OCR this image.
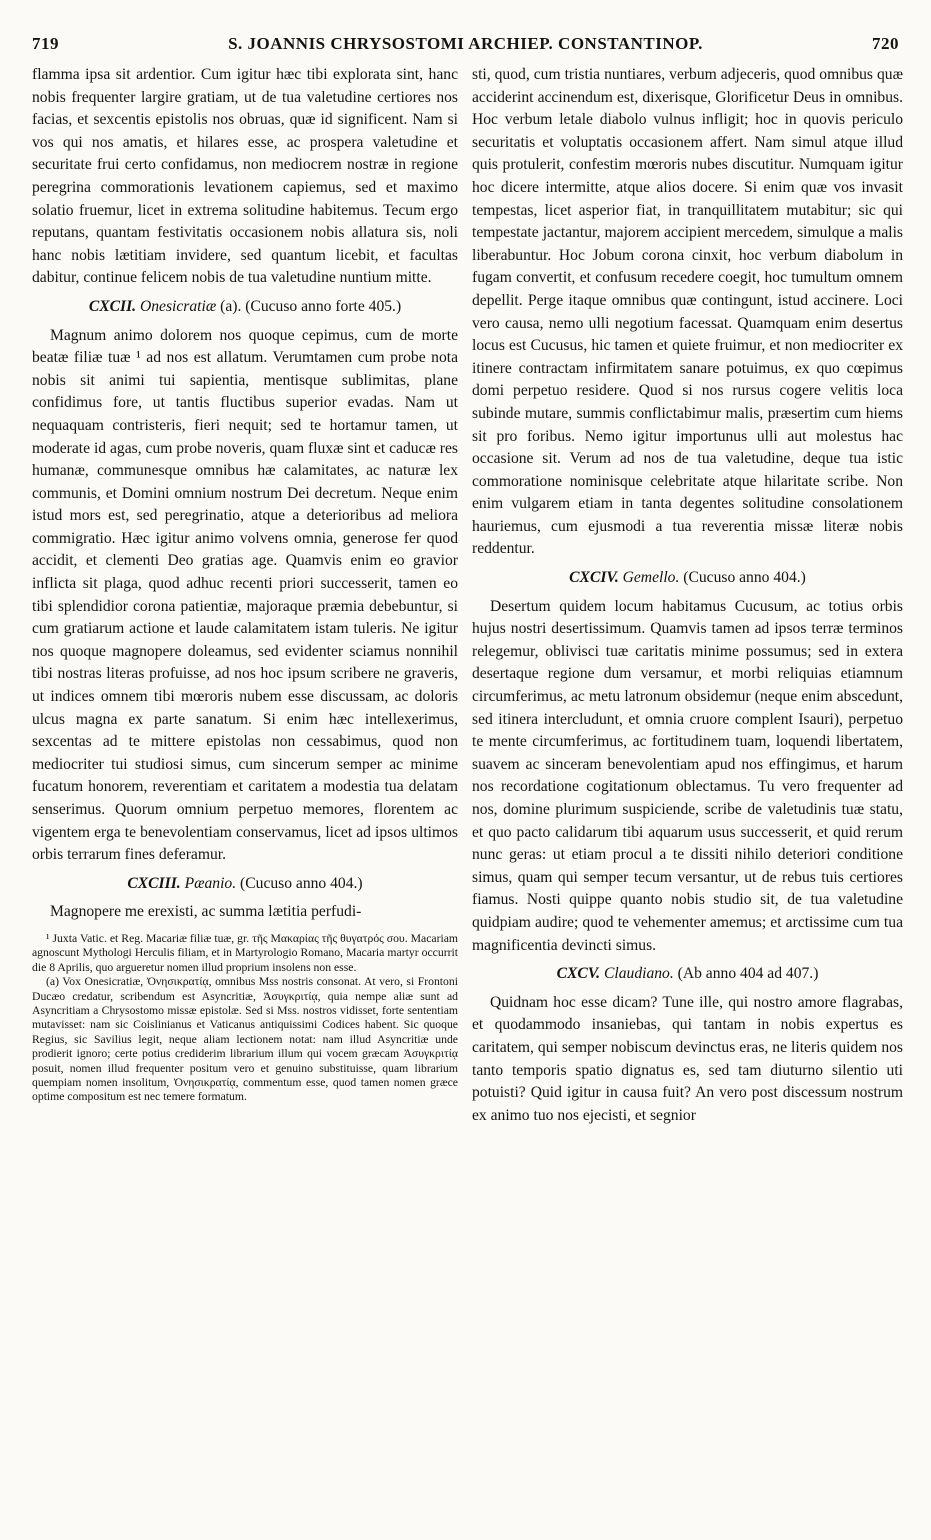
719	S. JOANNIS CHRYSOSTOMI ARCHIEP. CONSTANTINOP.	720

flamma ipsa sit ardentior. Cum igitur hæc tibi explorata sint, hanc nobis frequenter largire gratiam, ut de tua valetudine certiores nos facias, et sexcentis epistolis nos obruas, quæ id significent. Nam si vos qui nos amatis, et hilares esse, ac prospera valetudine et securitate frui certo confidamus, non mediocrem nostræ in regione peregrina commorationis levationem capiemus, sed et maximo solatio fruemur, licet in extrema solitudine habitemus. Tecum ergo reputans, quantam festivitatis occasionem nobis allatura sis, noli hanc nobis lætitiam invidere, sed quantum licebit, et facultas dabitur, continue felicem nobis de tua valetudine nuntium mitte.

CXCII. Onesicratiæ (a). (Cucuso anno forte 405.)

Magnum animo dolorem nos quoque cepimus, cum de morte beatæ filiæ tuæ ¹ ad nos est allatum. Verumtamen cum probe nota nobis sit animi tui sapientia, mentisque sublimitas, plane confidimus fore, ut tantis fluctibus superior evadas. Nam ut nequaquam contristeris, fieri nequit; sed te hortamur tamen, ut moderate id agas, cum probe noveris, quam fluxæ sint et caducæ res humanæ, communesque omnibus hæ calamitates, ac naturæ lex communis, et Domini omnium nostrum Dei decretum. Neque enim istud mors est, sed peregrinatio, atque a deterioribus ad meliora commigratio. Hæc igitur animo volvens omnia, generose fer quod accidit, et clementi Deo gratias age. Quamvis enim eo gravior inflicta sit plaga, quod adhuc recenti priori successerit, tamen eo tibi splendidior corona patientiæ, majoraque præmia debebuntur, si cum gratiarum actione et laude calamitatem istam tuleris. Ne igitur nos quoque magnopere doleamus, sed evidenter sciamus nonnihil tibi nostras literas profuisse, ad nos hoc ipsum scribere ne graveris, ut indices omnem tibi mœroris nubem esse discussam, ac doloris ulcus magna ex parte sanatum. Si enim hæc intellexerimus, sexcentas ad te mittere epistolas non cessabimus, quod non mediocriter tui studiosi simus, cum sincerum semper ac minime fucatum honorem, reverentiam et caritatem a modestia tua delatam senserimus. Quorum omnium perpetuo memores, florentem ac vigentem erga te benevolentiam conservamus, licet ad ipsos ultimos orbis terrarum fines deferamur.

CXCIII. Pæanio. (Cucuso anno 404.)

Magnopere me erexisti, ac summa lætitia perfudi-

¹ Juxta Vatic. et Reg. Macariæ filiæ tuæ, gr. τῆς Μακαρίας τῆς θυγατρός σου. Macariam agnoscunt Mythologi Herculis filiam, et in Martyrologio Romano, Macaria martyr occurrit die 8 Aprilis, quo argueretur nomen illud proprium insolens non esse.

(a) Vox Onesicratiæ, Ὀνησικρατίᾳ, omnibus Mss nostris consonat. At vero, si Frontoni Ducæo credatur, scribendum est Asyncritiæ, Ἀσυγκριτίᾳ, quia nempe aliæ sunt ad Asyncritiam a Chrysostomo missæ epistolæ. Sed si Mss. nostros vidisset, forte sententiam mutavisset: nam sic Coislinianus et Vaticanus antiquissimi Codices habent. Sic quoque Regius, sic Savilius legit, neque aliam lectionem notat: nam illud Asyncritiæ unde prodierit ignoro; certe potius crediderim librarium illum qui vocem græcam Ἀσυγκριτίᾳ posuit, nomen illud frequenter positum vero et genuino substituisse, quam librarium quempiam nomen insolitum, Ὀνησικρατίᾳ, commentum esse, quod tamen nomen græce optime compositum est nec temere formatum.

sti, quod, cum tristia nuntiares, verbum adjeceris, quod omnibus quæ acciderint accinendum est, dixerisque, Glorificetur Deus in omnibus. Hoc verbum letale diabolo vulnus infligit; hoc in quovis periculo securitatis et voluptatis occasionem affert. Nam simul atque illud quis protulerit, confestim mœroris nubes discutitur. Numquam igitur hoc dicere intermitte, atque alios docere. Si enim quæ vos invasit tempestas, licet asperior fiat, in tranquillitatem mutabitur; sic qui tempestate jactantur, majorem accipient mercedem, simulque a malis liberabuntur. Hoc Jobum corona cinxit, hoc verbum diabolum in fugam convertit, et confusum recedere coegit, hoc tumultum omnem depellit. Perge itaque omnibus quæ contingunt, istud accinere. Loci vero causa, nemo ulli negotium facessat. Quamquam enim desertus locus est Cucusus, hic tamen et quiete fruimur, et non mediocriter ex itinere contractam infirmitatem sanare potuimus, ex quo cœpimus domi perpetuo residere. Quod si nos rursus cogere velitis loca subinde mutare, summis conflictabimur malis, præsertim cum hiems sit pro foribus. Nemo igitur importunus ulli aut molestus hac occasione sit. Verum ad nos de tua valetudine, deque tua istic commoratione nominisque celebritate atque hilaritate scribe. Non enim vulgarem etiam in tanta degentes solitudine consolationem hauriemus, cum ejusmodi a tua reverentia missæ literæ nobis reddentur.

CXCIV. Gemello. (Cucuso anno 404.)

Desertum quidem locum habitamus Cucusum, ac totius orbis hujus nostri desertissimum. Quamvis tamen ad ipsos terræ terminos relegemur, oblivisci tuæ caritatis minime possumus; sed in extera desertaque regione dum versamur, et morbi reliquias etiamnum circumferimus, ac metu latronum obsidemur (neque enim abscedunt, sed itinera intercludunt, et omnia cruore complent Isauri), perpetuo te mente circumferimus, ac fortitudinem tuam, loquendi libertatem, suavem ac sinceram benevolentiam apud nos effingimus, et harum nos recordatione cogitationum oblectamus. Tu vero frequenter ad nos, domine plurimum suspiciende, scribe de valetudinis tuæ statu, et quo pacto calidarum tibi aquarum usus successerit, et quid rerum nunc geras: ut etiam procul a te dissiti nihilo deteriori conditione simus, quam qui semper tecum versantur, ut de rebus tuis certiores fiamus. Nosti quippe quanto nobis studio sit, de tua valetudine quidpiam audire; quod te vehementer amemus; et arctissime cum tua magnificentia devincti simus.

CXCV. Claudiano. (Ab anno 404 ad 407.)

Quidnam hoc esse dicam? Tune ille, qui nostro amore flagrabas, et quodammodo insaniebas, qui tantam in nobis expertus es caritatem, qui semper nobiscum devinctus eras, ne literis quidem nos tanto temporis spatio dignatus es, sed tam diuturno silentio uti potuisti? Quid igitur in causa fuit? An vero post discessum nostrum ex animo tuo nos ejecisti, et segnior
